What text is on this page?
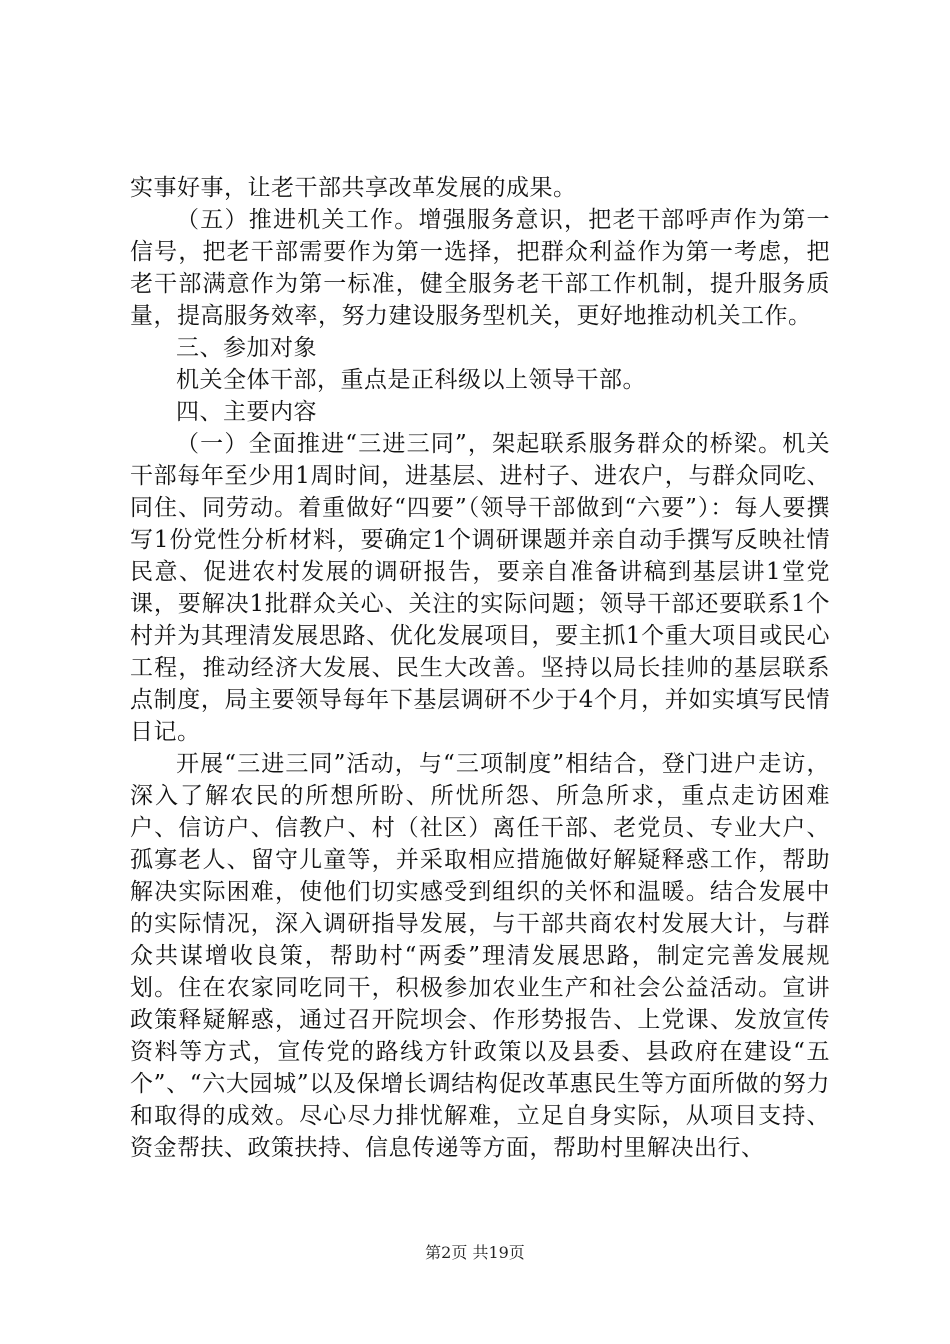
实事好事，让老干部共享改革发展的成果。

（五）推进机关工作。增强服务意识，把老干部呼声作为第一信号，把老干部需要作为第一选择，把群众利益作为第一考虑，把老干部满意作为第一标准，健全服务老干部工作机制，提升服务质量，提高服务效率，努力建设服务型机关，更好地推动机关工作。

三、参加对象

机关全体干部，重点是正科级以上领导干部。

四、主要内容

（一）全面推进“三进三同”，架起联系服务群众的桥梁。机关干部每年至少用1周时间，进基层、进村子、进农户，与群众同吃、同住、同劳动。着重做好“四要”（领导干部做到“六要”）：每人要撰写1份党性分析材料，要确定1个调研课题并亲自动手撰写反映社情民意、促进农村发展的调研报告，要亲自准备讲稿到基层讲1堂党课，要解决1批群众关心、关注的实际问题；领导干部还要联系1个村并为其理清发展思路、优化发展项目，要主抓1个重大项目或民心工程，推动经济大发展、民生大改善。坚持以局长挂帅的基层联系点制度，局主要领导每年下基层调研不少于4个月，并如实填写民情日记。

开展“三进三同”活动，与“三项制度”相结合，登门进户走访，深入了解农民的所想所盼、所忧所怨、所急所求，重点走访困难户、信访户、信教户、村（社区）离任干部、老党员、专业大户、孤寡老人、留守儿童等，并采取相应措施做好解疑释惑工作，帮助解决实际困难，使他们切实感受到组织的关怀和温暖。结合发展中的实际情况，深入调研指导发展，与干部共商农村发展大计，与群众共谋增收良策，帮助村“两委”理清发展思路，制定完善发展规划。住在农家同吃同干，积极参加农业生产和社会公益活动。宣讲政策释疑解惑，通过召开院坝会、作形势报告、上党课、发放宣传资料等方式，宣传党的路线方针政策以及县委、县政府在建设“五个”、“六大园城”以及保增长调结构促改革惠民生等方面所做的努力和取得的成效。尽心尽力排忧解难，立足自身实际，从项目支持、资金帮扶、政策扶持、信息传递等方面，帮助村里解决出行、

第2页 共19页
